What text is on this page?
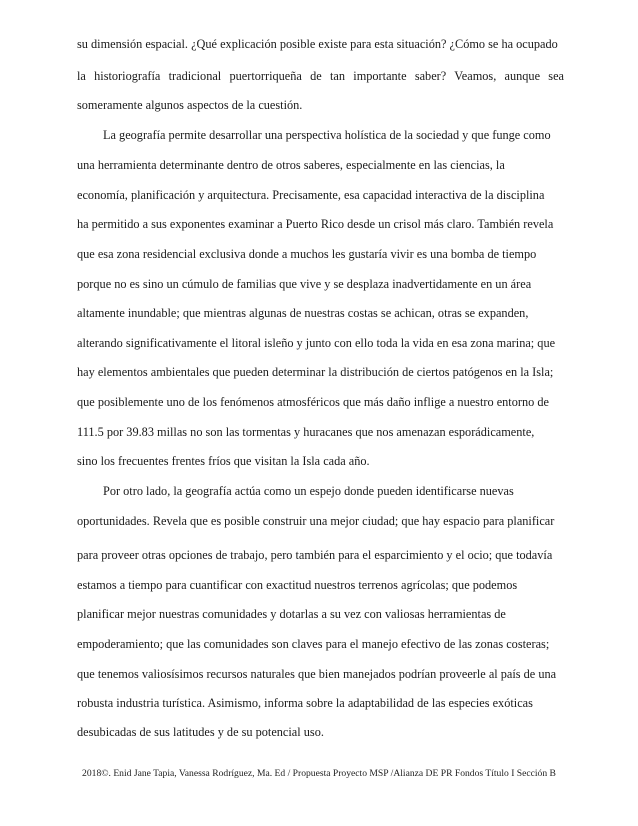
su dimensión espacial. ¿Qué explicación posible existe para esta situación? ¿Cómo se ha ocupado
la historiografía tradicional puertorriqueña de tan importante saber? Veamos, aunque sea
someramente algunos aspectos de la cuestión.
La geografía permite desarrollar una perspectiva holística de la sociedad y que funge como
una herramienta determinante dentro de otros saberes, especialmente en las ciencias, la
economía, planificación y arquitectura. Precisamente, esa capacidad interactiva de la disciplina
ha permitido a sus exponentes examinar a Puerto Rico desde un crisol más claro. También revela
que esa zona residencial exclusiva donde a muchos les gustaría vivir es una bomba de tiempo
porque no es sino un cúmulo de familias que vive y se desplaza inadvertidamente en un área
altamente inundable; que mientras algunas de nuestras costas se achican, otras se expanden,
alterando significativamente el litoral isleño y junto con ello toda la vida en esa zona marina; que
hay elementos ambientales que pueden determinar la distribución de ciertos patógenos en la Isla;
que posiblemente uno de los fenómenos atmosféricos que más daño inflige a nuestro entorno de
111.5 por 39.83 millas no son las tormentas y huracanes que nos amenazan esporádicamente,
sino los frecuentes frentes fríos que visitan la Isla cada año.
Por otro lado, la geografía actúa como un espejo donde pueden identificarse nuevas
oportunidades. Revela que es posible construir una mejor ciudad; que hay espacio para planificar
para proveer otras opciones de trabajo, pero también para el esparcimiento y el ocio; que todavía
estamos a tiempo para cuantificar con exactitud nuestros terrenos agrícolas; que podemos
planificar mejor nuestras comunidades y dotarlas a su vez con valiosas herramientas de
empoderamiento; que las comunidades son claves para el manejo efectivo de las zonas costeras;
que tenemos valiosísimos recursos naturales que bien manejados podrían proveerle al país de una
robusta industria turística. Asimismo, informa sobre la adaptabilidad de las especies exóticas
desubicadas de sus latitudes y de su potencial uso.
2018©. Enid Jane Tapia, Vanessa Rodríguez, Ma. Ed / Propuesta Proyecto MSP /Alianza DE PR Fondos Título I Sección B
